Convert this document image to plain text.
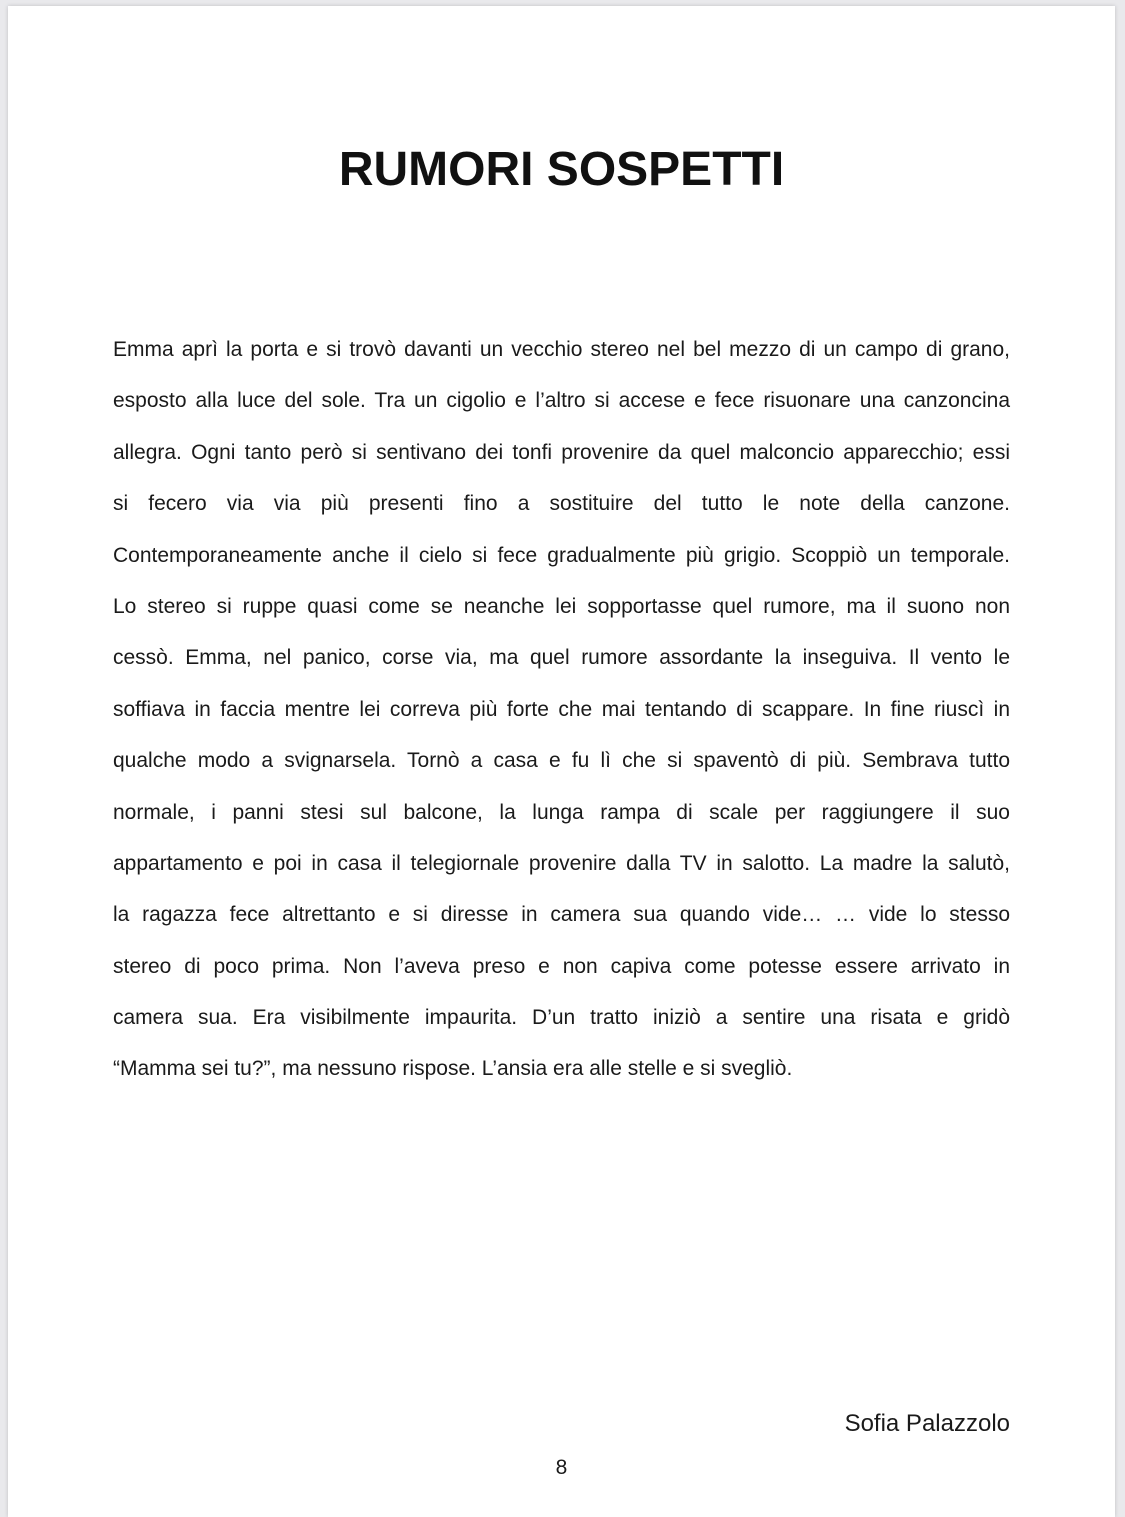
RUMORI SOSPETTI
Emma aprì la porta e si trovò davanti un vecchio stereo nel bel mezzo di un campo di grano,
esposto alla luce del sole. Tra un cigolio e l’altro si accese e fece risuonare una canzoncina
allegra. Ogni tanto però si sentivano dei tonfi provenire da quel malconcio apparecchio; essi
si fecero via via più presenti fino a sostituire del tutto le note della canzone.
Contemporaneamente anche il cielo si fece gradualmente più grigio. Scoppiò un temporale.
Lo stereo si ruppe quasi come se neanche lei sopportasse quel rumore, ma il suono non
cessò. Emma, nel panico, corse via, ma quel rumore assordante la inseguiva. Il vento le
soffiava in faccia mentre lei correva più forte che mai tentando di scappare. In fine riuscì in
qualche modo a svignarsela. Tornò a casa e fu lì che si spaventò di più. Sembrava tutto
normale, i panni stesi sul balcone, la lunga rampa di scale per raggiungere il suo
appartamento e poi in casa il telegiornale provenire dalla TV in salotto. La madre la salutò,
la ragazza fece altrettanto e si diresse in camera sua quando vide… … vide lo stesso
stereo di poco prima. Non l’aveva preso e non capiva come potesse essere arrivato in
camera sua. Era visibilmente impaurita. D’un tratto iniziò a sentire una risata e gridò
“Mamma sei tu?”, ma nessuno rispose. L’ansia era alle stelle e si svegliò.
Sofia Palazzolo
8
